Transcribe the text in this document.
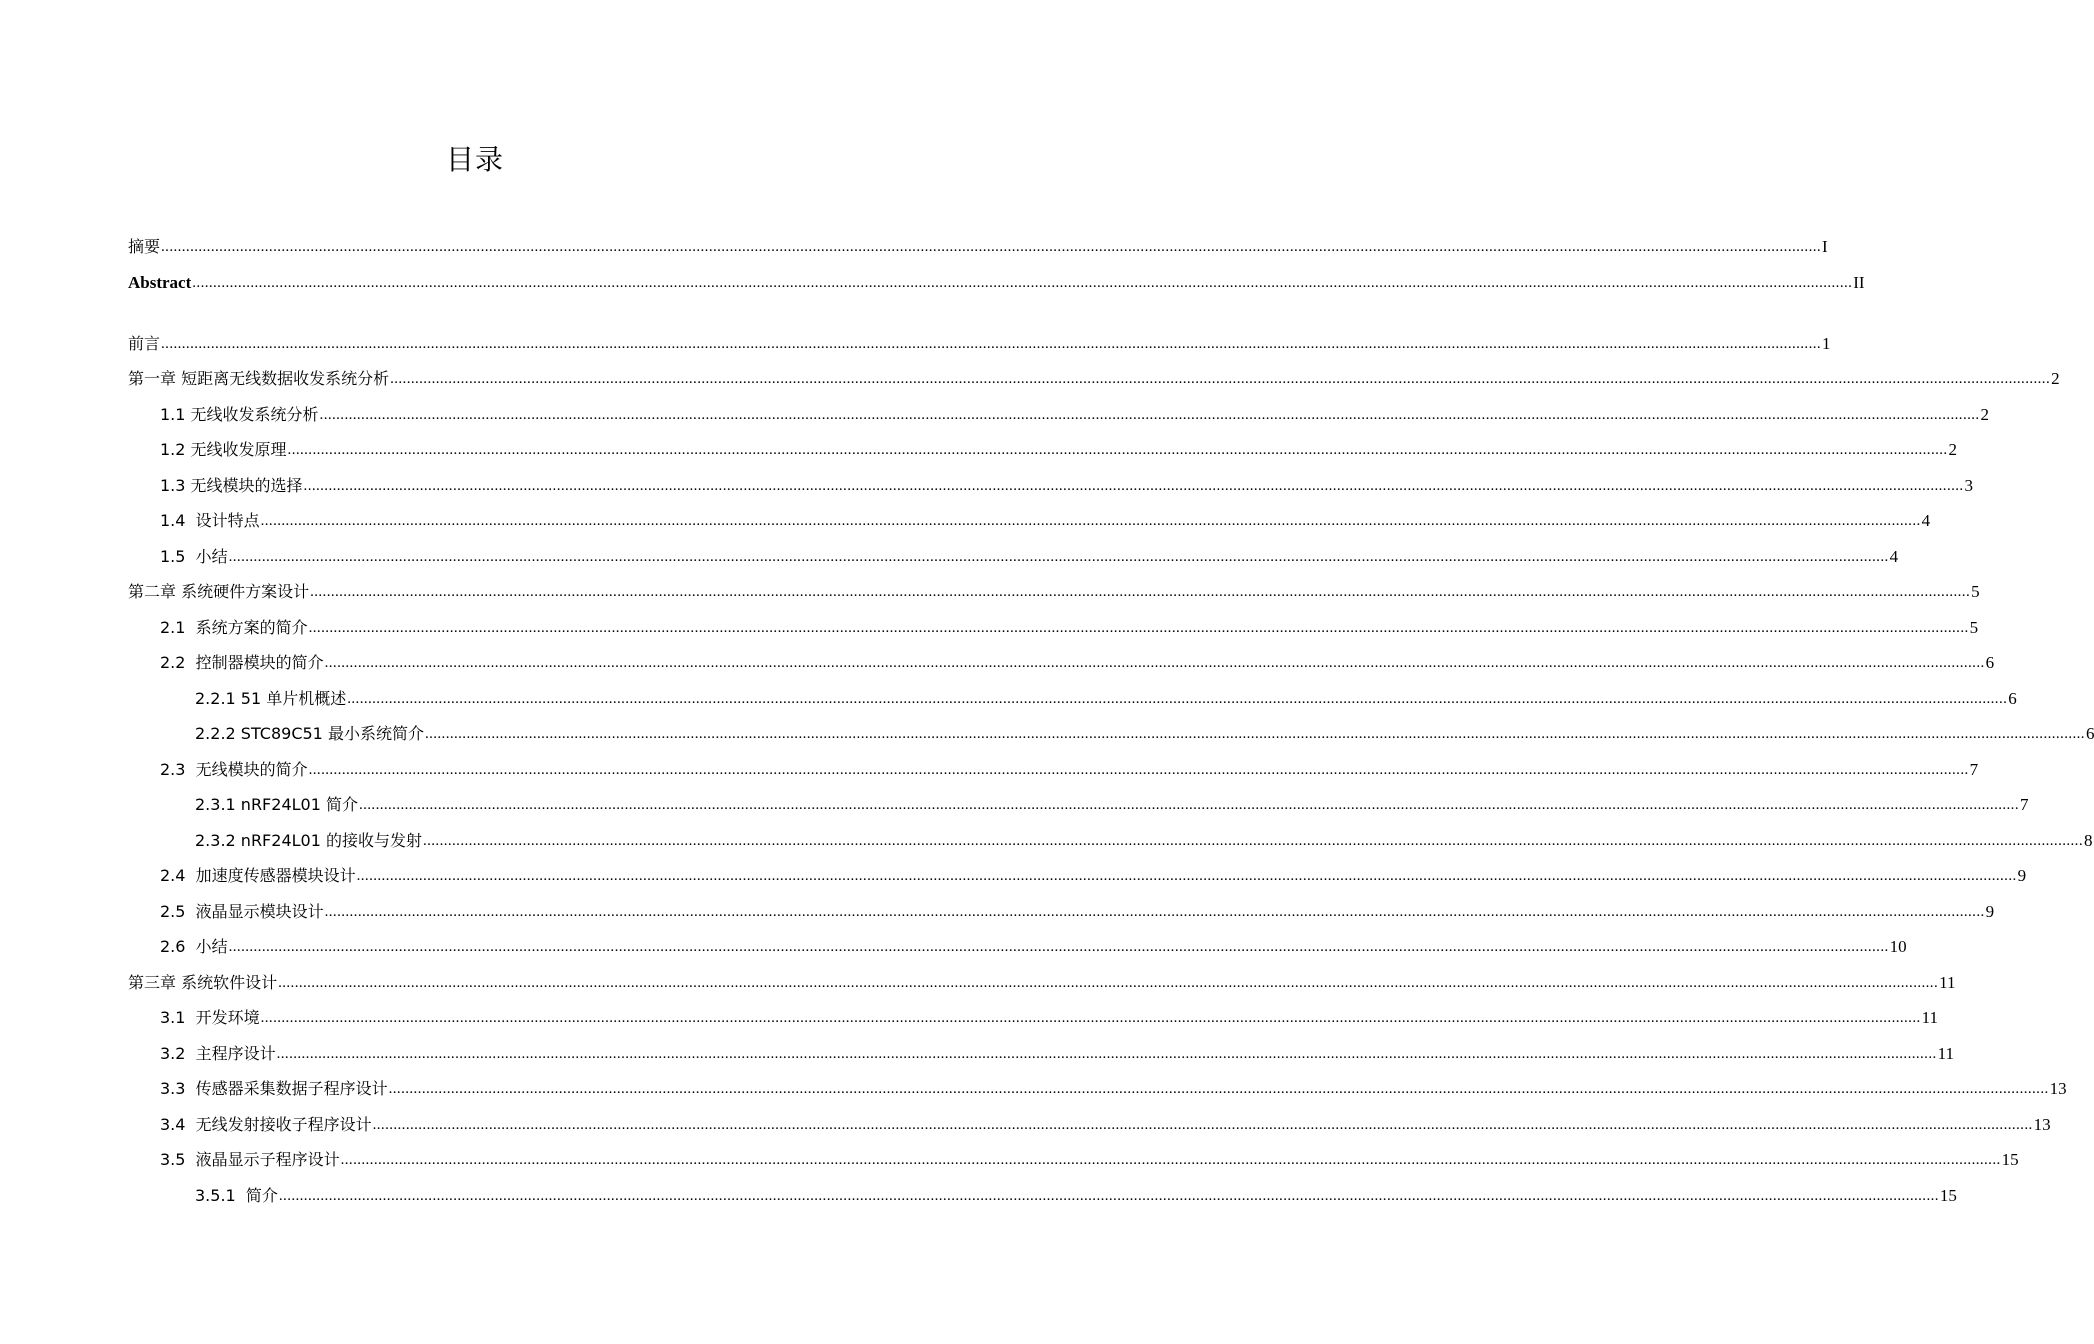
目录
摘要 ................................................................................................................................................................................................................................................................................................................................................................................................................ I
Abstract ................................................................................................................................................................................................................................................................................................................................................................................................................ II
前言 ................................................................................................................................................................................................................................................................................................................................................................................................................ 1
第一章 短距离无线数据收发系统分析 ................................................................................................................................................................................................................................................................................................................................................................................................................ 2
1.1 无线收发系统分析 ................................................................................................................................................................................................................................................................................................................................................................................................................ 2
1.2 无线收发原理 ................................................................................................................................................................................................................................................................................................................................................................................................................ 2
1.3 无线模块的选择 ................................................................................................................................................................................................................................................................................................................................................................................................................ 3
1.4  设计特点 ................................................................................................................................................................................................................................................................................................................................................................................................................ 4
1.5  小结 ................................................................................................................................................................................................................................................................................................................................................................................................................ 4
第二章 系统硬件方案设计 ................................................................................................................................................................................................................................................................................................................................................................................................................ 5
2.1  系统方案的简介 ................................................................................................................................................................................................................................................................................................................................................................................................................ 5
2.2  控制器模块的简介 ................................................................................................................................................................................................................................................................................................................................................................................................................ 6
2.2.1 51 单片机概述 ................................................................................................................................................................................................................................................................................................................................................................................................................ 6
2.2.2 STC89C51 最小系统简介 ................................................................................................................................................................................................................................................................................................................................................................................................................ 6
2.3  无线模块的简介 ................................................................................................................................................................................................................................................................................................................................................................................................................ 7
2.3.1 nRF24L01 简介 ................................................................................................................................................................................................................................................................................................................................................................................................................ 7
2.3.2 nRF24L01 的接收与发射 ................................................................................................................................................................................................................................................................................................................................................................................................................ 8
2.4  加速度传感器模块设计 ................................................................................................................................................................................................................................................................................................................................................................................................................ 9
2.5  液晶显示模块设计 ................................................................................................................................................................................................................................................................................................................................................................................................................ 9
2.6  小结 ................................................................................................................................................................................................................................................................................................................................................................................................................ 10
第三章 系统软件设计 ................................................................................................................................................................................................................................................................................................................................................................................................................ 11
3.1  开发环境 ................................................................................................................................................................................................................................................................................................................................................................................................................ 11
3.2  主程序设计 ................................................................................................................................................................................................................................................................................................................................................................................................................ 11
3.3  传感器采集数据子程序设计 ................................................................................................................................................................................................................................................................................................................................................................................................................ 13
3.4  无线发射接收子程序设计 ................................................................................................................................................................................................................................................................................................................................................................................................................ 13
3.5  液晶显示子程序设计 ................................................................................................................................................................................................................................................................................................................................................................................................................ 15
3.5.1  简介 ................................................................................................................................................................................................................................................................................................................................................................................................................ 15
